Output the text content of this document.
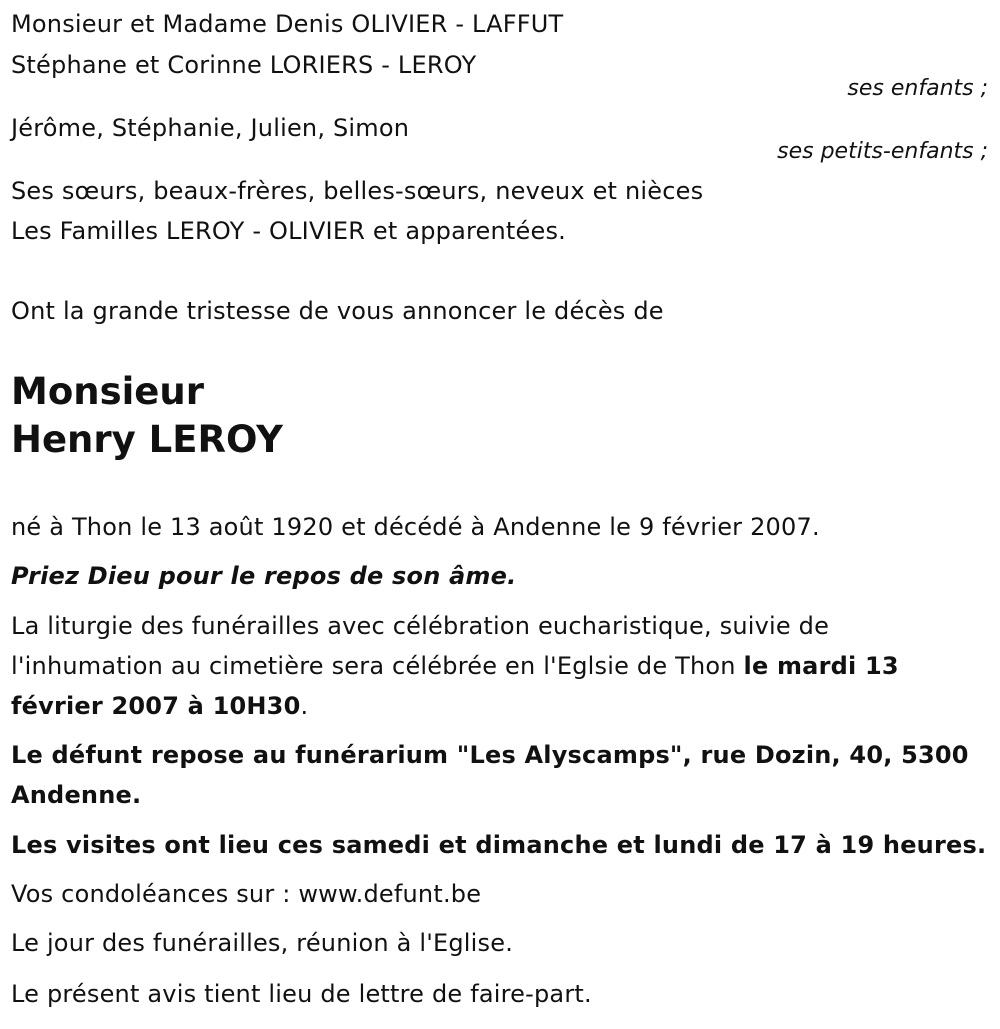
Monsieur et Madame Denis OLIVIER - LAFFUT
Stéphane et Corinne LORIERS - LEROY
ses enfants ;
Jérôme, Stéphanie, Julien, Simon
ses petits-enfants ;
Ses sœurs, beaux-frères, belles-sœurs, neveux et nièces
Les Familles LEROY - OLIVIER et apparentées.
Ont la grande tristesse de vous annoncer le décès de
Monsieur
Henry LEROY
né à Thon le 13 août 1920 et décédé à Andenne le 9 février 2007.
Priez Dieu pour le repos de son âme.
La liturgie des funérailles avec célébration eucharistique, suivie de l'inhumation au cimetière sera célébrée en l'Eglsie de Thon le mardi 13 février 2007 à 10H30.
Le défunt repose au funérarium "Les Alyscamps", rue Dozin, 40, 5300 Andenne.
Les visites ont lieu ces samedi et dimanche et lundi de 17 à 19 heures.
Vos condoléances sur : www.defunt.be
Le jour des funérailles, réunion à l'Eglise.
Le présent avis tient lieu de lettre de faire-part.
